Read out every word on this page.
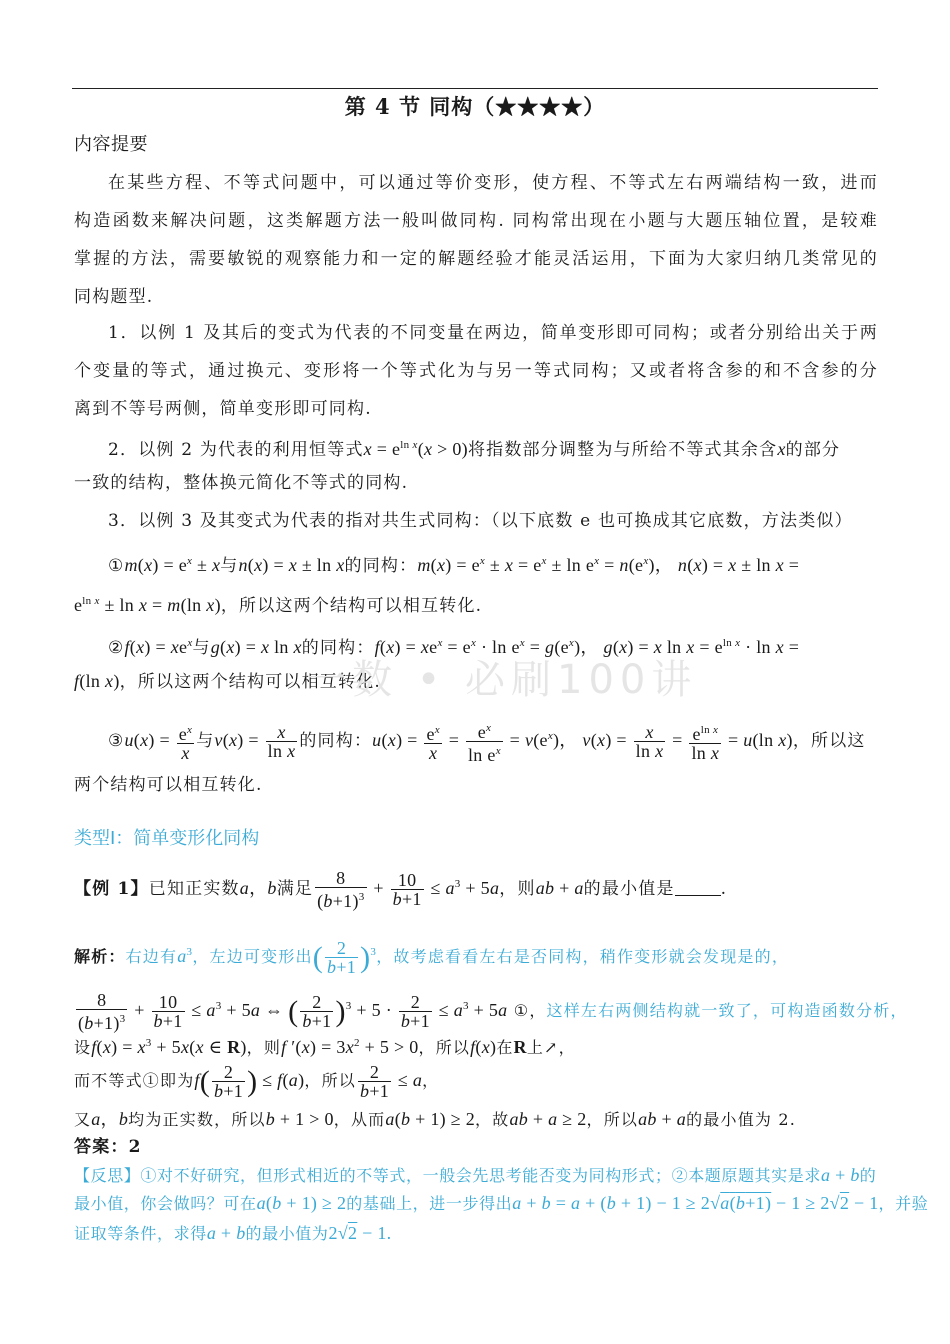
第 4 节 同构（★★★★）
内容提要
在某些方程、不等式问题中，可以通过等价变形，使方程、不等式左右两端结构一致，进而
构造函数来解决问题，这类解题方法一般叫做同构. 同构常出现在小题与大题压轴位置，是较难
掌握的方法，需要敏锐的观察能力和一定的解题经验才能灵活运用，下面为大家归纳几类常见的
同构题型.
1．以例 1 及其后的变式为代表的不同变量在两边，简单变形即可同构；或者分别给出关于两
个变量的等式，通过换元、变形将一个等式化为与另一等式同构；又或者将含参的和不含参的分
离到不等号两侧，简单变形即可同构.
2．以例 2 为代表的利用恒等式$x = e^{ln x}(x > 0)$将指数部分调整为与所给不等式其余含x的部分
一致的结构，整体换元简化不等式的同构.
3．以例 3 及其变式为代表的指对共生式同构：（以下底数 e 也可换成其它底数，方法类似）
①m(x) = $e^x \pm x$与n(x) = x ± ln x的同构：$m(x) = e^x \pm x = e^x \pm \ln e^x = n(e^x)$， n(x) = x ± ln x =
$e^{ln x} \pm \ln x = m(\ln$ x)，所以这两个结构可以相互转化.
②f(x) = $xe^x$与g(x) = x ln x的同构：$f(x) = xe^x = e^x \cdot \ln e^x = g(e^x)$， g(x) = x $\ln x = e^{ln x} \cdot \ln x$ =
f(ln x)，所以这两个结构可以相互转化.
一数 • 必刷100讲
③u(x) = $\frac{e^x}{x}$ 与$v(x) = \frac{x}{\text{ln x}}$ 的同构：$u(x) = \frac{e^x}{x} = \frac{e^x}{\ln e^x} = v(e^x)$， $v(x) = \frac{x}{\text{ln x}} = \frac{e^{ln x}}{\text{ln x}} = u(\ln$ x)，所以这
两个结构可以相互转化.
类型Ⅰ：简单变形化同构
【例 1】已知正实数a，b满足 $\frac{8}{(b+1)^3} + \frac{10}{b+1} \le a^3 + 5a$，则ab + a的最小值是	.
解析：右边有$a^3$，左边可变形出( $\frac{2}{b+1} )^3$，故考虑看看左右是否同构，稍作变形就会发现是的，
$\frac{8}{(b+1)^3} + \frac{10}{b+1} \le a^3 + 5a$ ⇔ ( $\frac{2}{b+1} )^3 + 5 \cdot \frac{2}{b+1} \le a^3 + 5a$ ①，这样左右两侧结构就一致了，可构造函数分析，
设$f(x) = x^3 + 5x(x$ ∈ R)，则f $'(x) = 3x^2 + 5 > 0$，所以f(x)在R上↗，
而不等式①即为$f( \frac{2}{b+1}$ ) ≤ f(a)，所以 $\frac{2}{b+1} \le a$，
又a，b均为正实数，所以b + 1 > 0，从而a(b + 1) ≥ 2，故ab + a ≥ 2，所以ab + a的最小值为 2.
答案：2
【反思】①对不好研究，但形式相近的不等式，一般会先思考能否变为同构形式；②本题原题其实是求a + b的
最小值，你会做吗？可在a(b + 1) ≥ 2的基础上，进一步得出a + b = a + (b + 1) − 1 ≥ 2√a(b+1) − 1 ≥ 2√2 − 1，并验
证取等条件，求得a + b的最小值为2√2 − 1.
